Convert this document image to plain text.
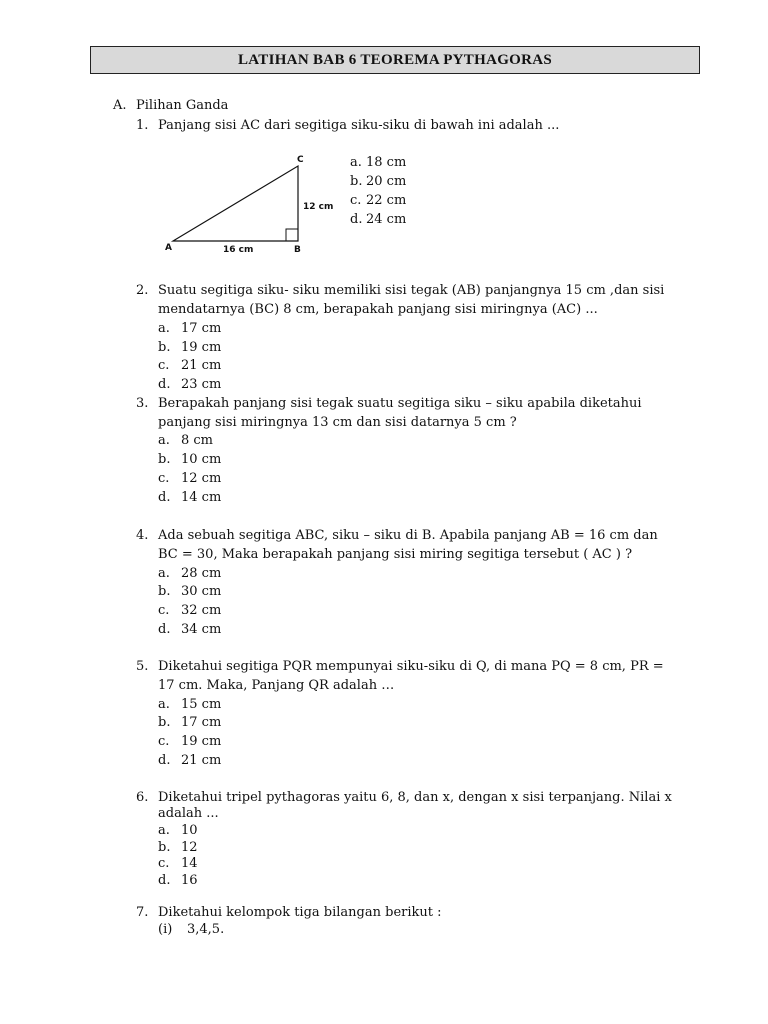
LATIHAN BAB 6 TEOREMA PYTHAGORAS
A. Pilihan Ganda
1. Panjang sisi AC dari segitiga siku-siku di bawah ini adalah ...
C
A	B
12 cm
16 cm
a. 18 cm
b. 20 cm
c. 22 cm
d. 24 cm
2. Suatu segitiga siku- siku memiliki sisi tegak (AB) panjangnya 15 cm ,dan sisi
mendatarnya (BC) 8 cm, berapakah panjang sisi miringnya (AC) ...
a. 17 cm
b. 19 cm
c. 21 cm
d. 23 cm
3. Berapakah panjang sisi tegak suatu segitiga siku – siku apabila diketahui
panjang sisi miringnya 13 cm dan sisi datarnya 5 cm ?
a. 8 cm
b. 10 cm
c. 12 cm
d. 14 cm
4. Ada sebuah segitiga ABC, siku – siku di B. Apabila panjang AB = 16 cm dan
BC = 30, Maka berapakah panjang sisi miring segitiga tersebut ( AC ) ?
a. 28 cm
b. 30 cm
c. 32 cm
d. 34 cm
5. Diketahui segitiga PQR mempunyai siku-siku di Q, di mana PQ = 8 cm, PR =
17 cm. Maka, Panjang QR adalah …
a. 15 cm
b. 17 cm
c. 19 cm
d. 21 cm
6. Diketahui tripel pythagoras yaitu 6, 8, dan x, dengan x sisi terpanjang. Nilai x
adalah ...
a. 10
b. 12
c. 14
d. 16
7. Diketahui kelompok tiga bilangan berikut :
(i) 3,4,5.
